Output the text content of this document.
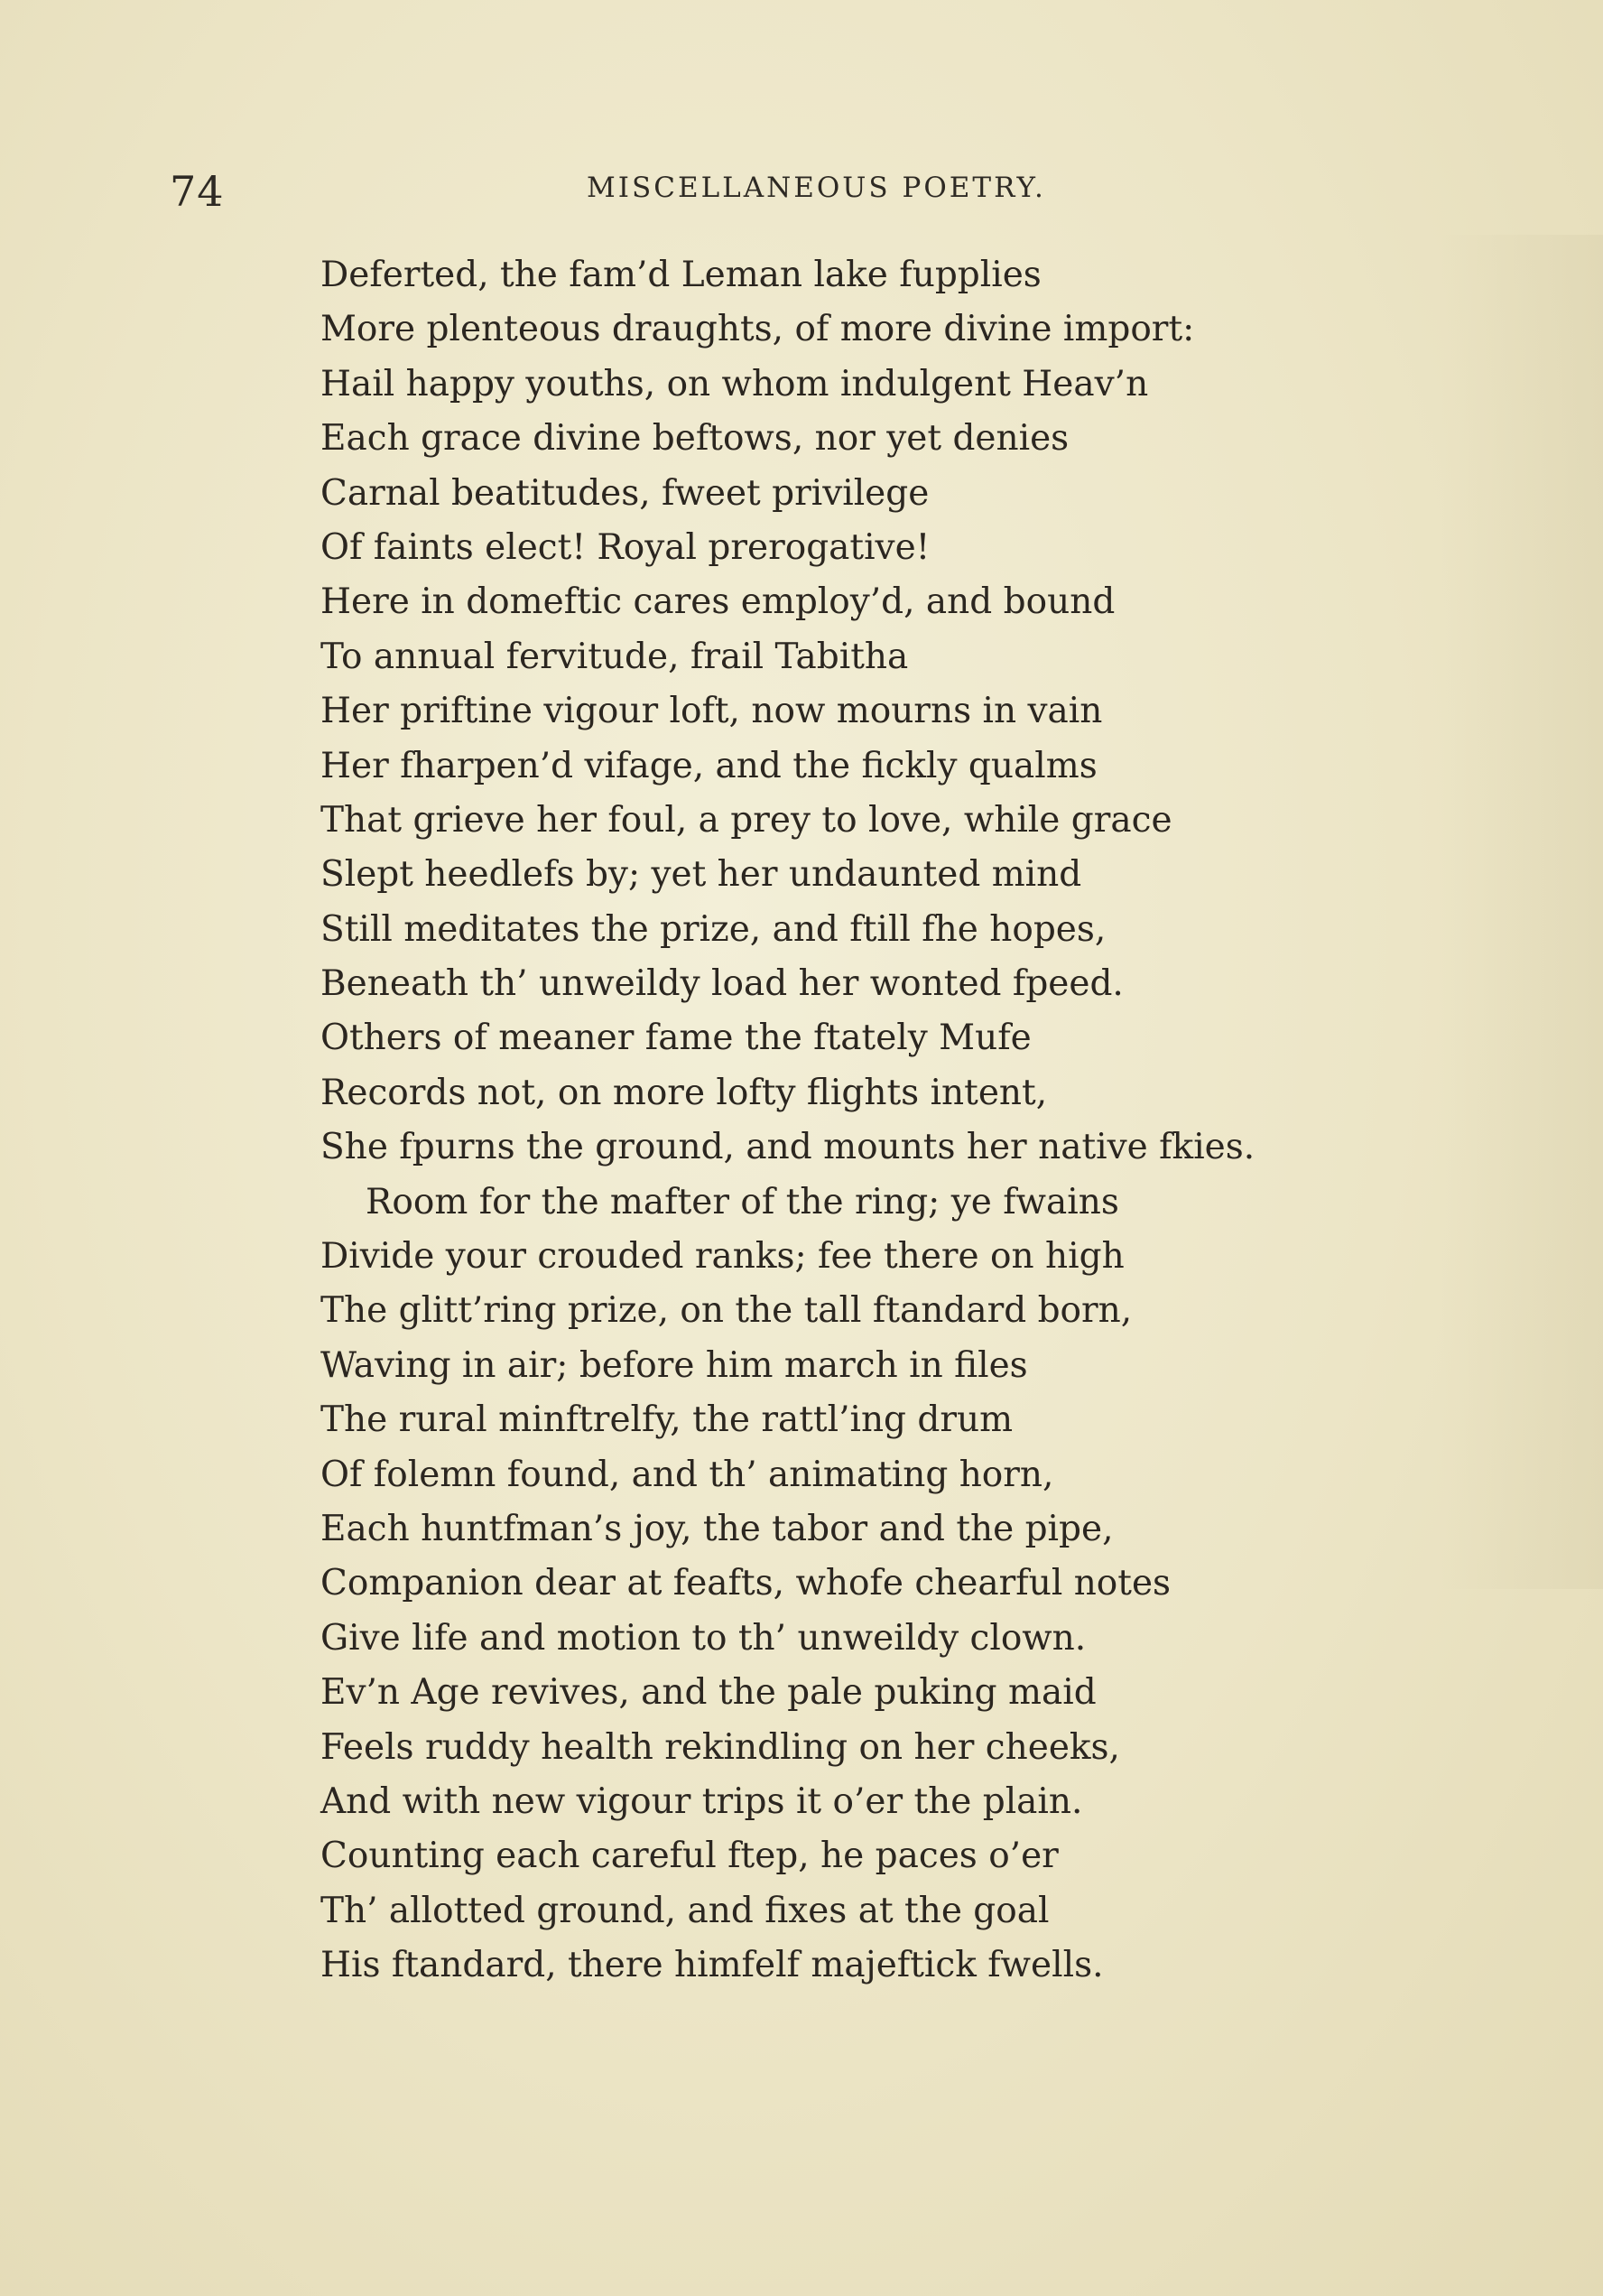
74	MISCELLANEOUS POETRY.
Deferted, the fam’d Leman lake fupplies
More plenteous draughts, of more divine import:
Hail happy youths, on whom indulgent Heav’n
Each grace divine beftows, nor yet denies
Carnal beatitudes, fweet privilege
Of faints elect! Royal prerogative!
Here in domeftic cares employ’d, and bound
To annual fervitude, frail Tabitha
Her priftine vigour loft, now mourns in vain
Her fharpen’d vifage, and the fickly qualms
That grieve her foul, a prey to love, while grace
Slept heedlefs by; yet her undaunted mind
Still meditates the prize, and ftill fhe hopes,
Beneath th’ unweildy load her wonted fpeed.
Others of meaner fame the ftately Mufe
Records not, on more lofty flights intent,
She fpurns the ground, and mounts her native fkies.
Room for the mafter of the ring; ye fwains
Divide your crouded ranks; fee there on high
The glitt’ring prize, on the tall ftandard born,
Waving in air; before him march in files
The rural minftrelfy, the rattl’ing drum
Of folemn found, and th’ animating horn,
Each huntfman’s joy, the tabor and the pipe,
Companion dear at feafts, whofe chearful notes
Give life and motion to th’ unweildy clown.
Ev’n Age revives, and the pale puking maid
Feels ruddy health rekindling on her cheeks,
And with new vigour trips it o’er the plain.
Counting each careful ftep, he paces o’er
Th’ allotted ground, and fixes at the goal
His ftandard, there himfelf majeftick fwells.
